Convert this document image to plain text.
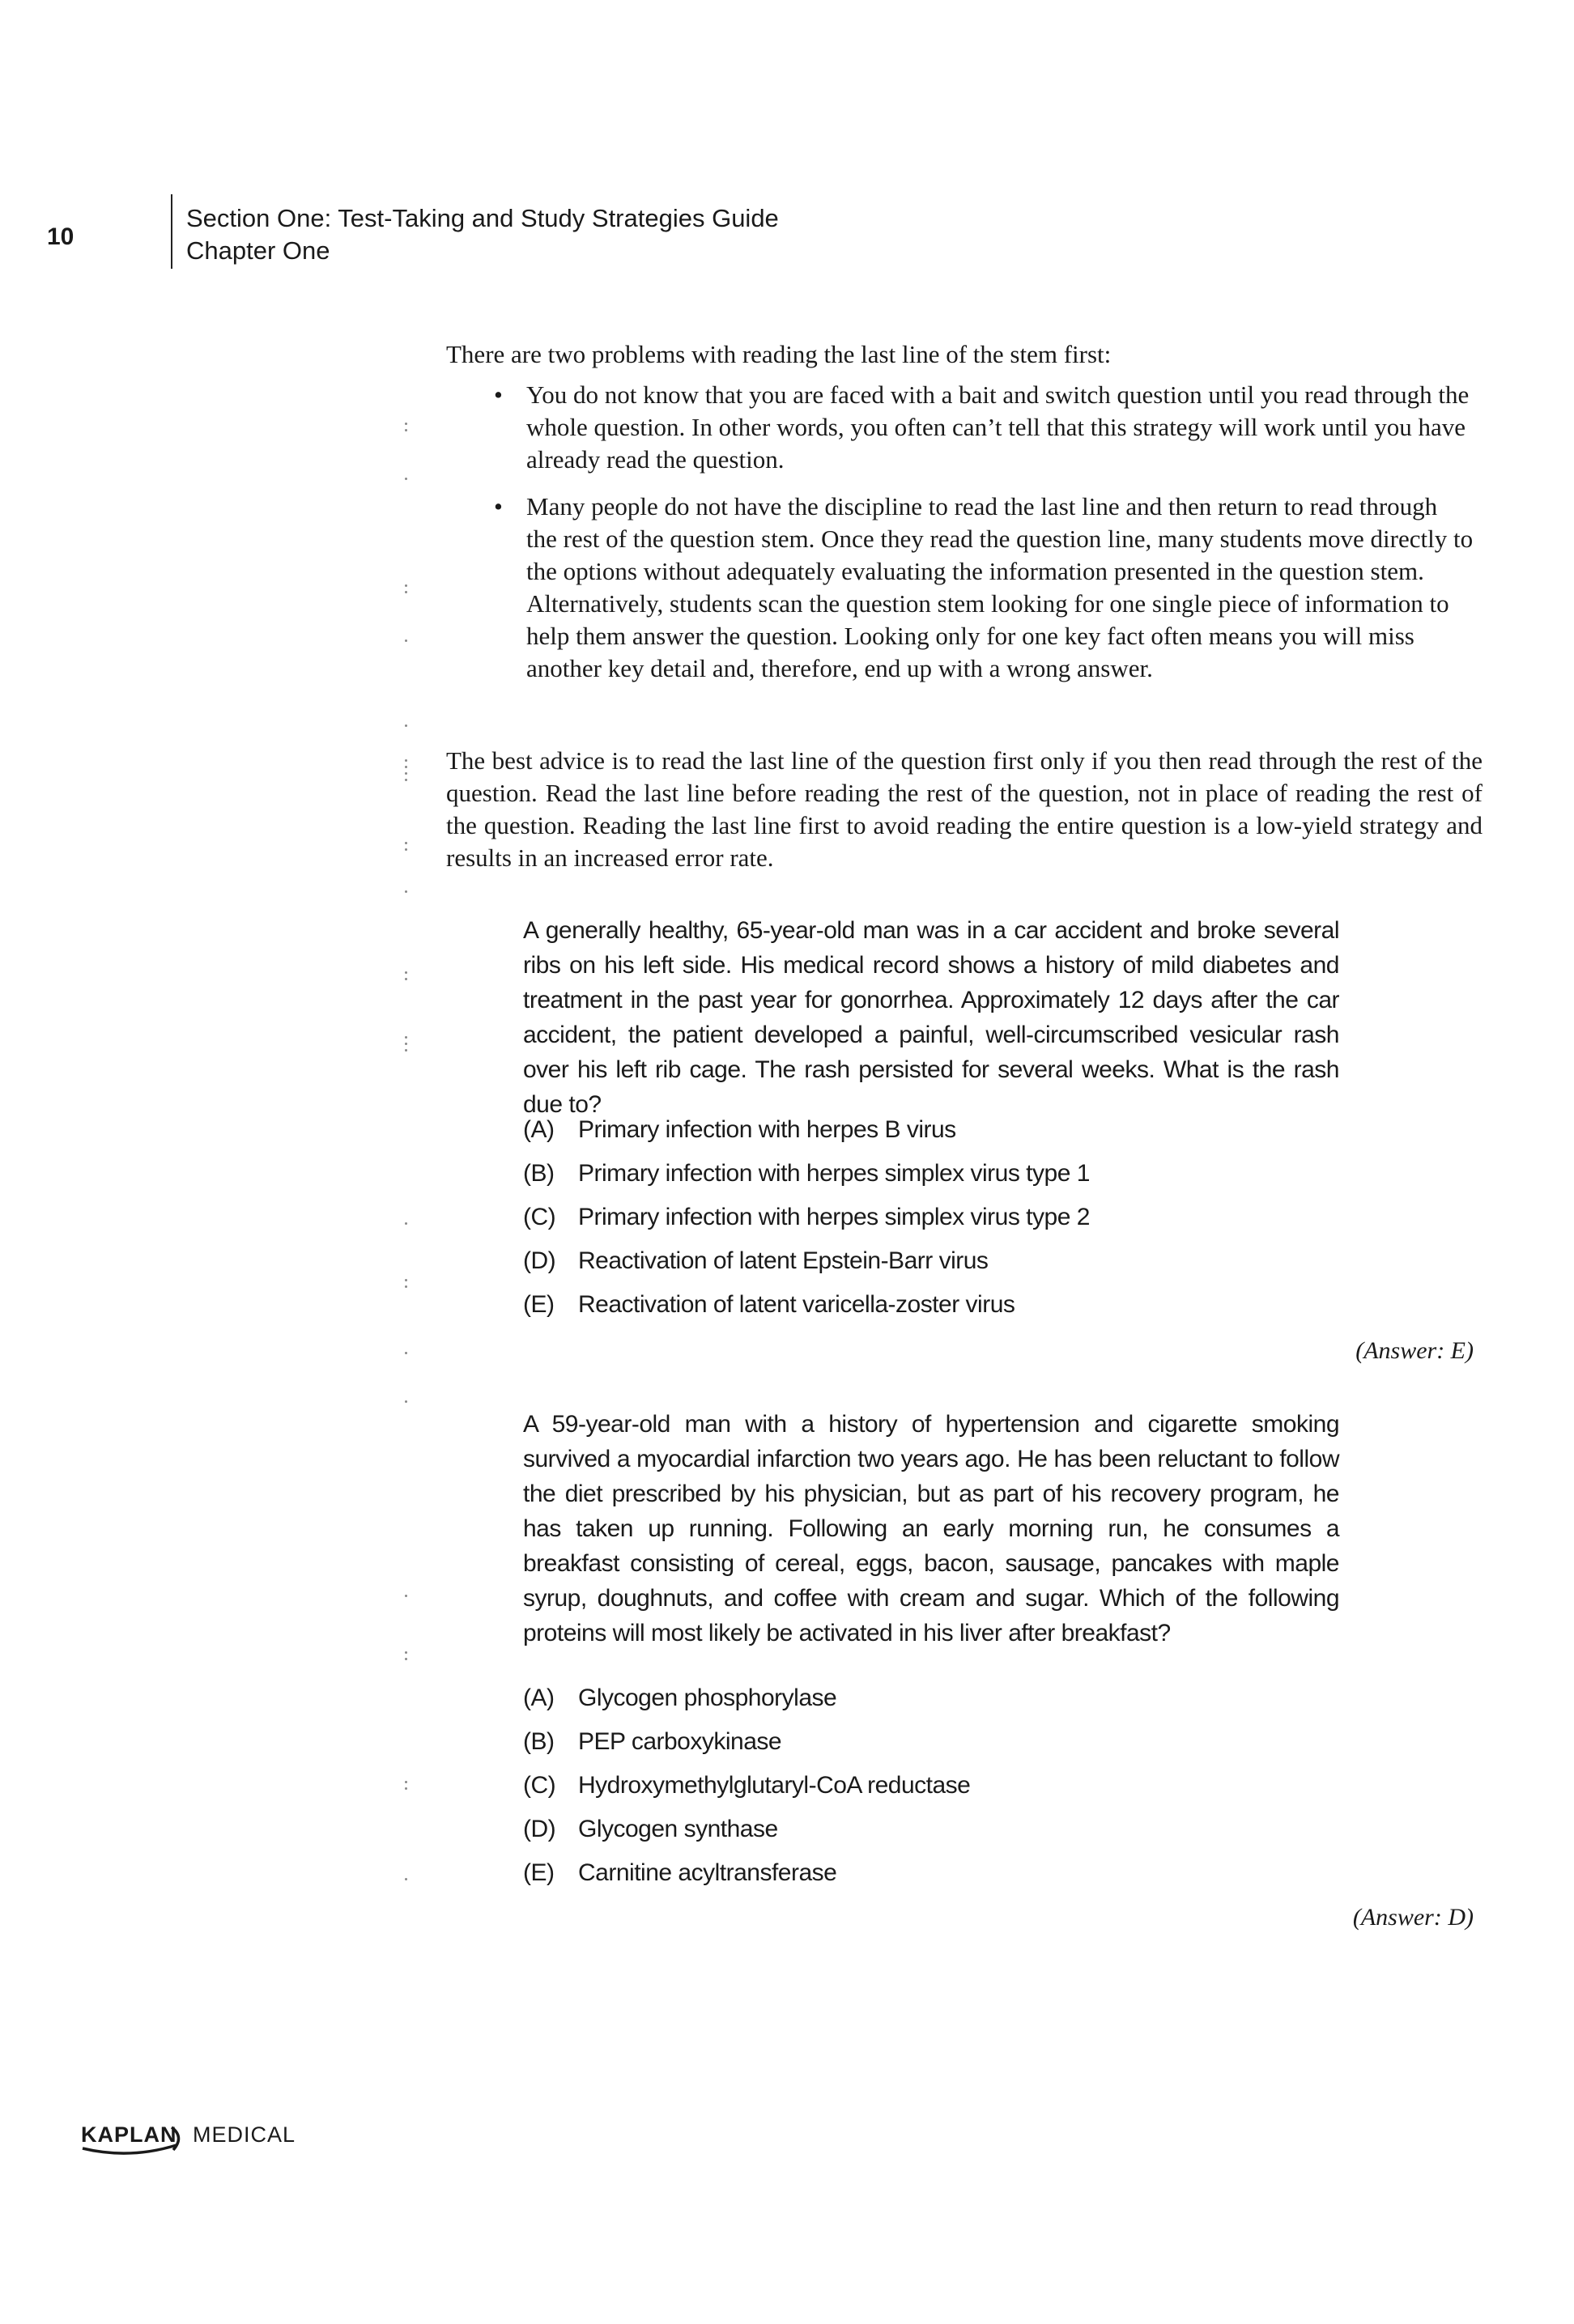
10
Section One: Test-Taking and Study Strategies Guide
Chapter One

There are two problems with reading the last line of the stem first:

• You do not know that you are faced with a bait and switch question until you read through the whole question. In other words, you often can’t tell that this strategy will work until you have already read the question.
• Many people do not have the discipline to read the last line and then return to read through the rest of the question stem. Once they read the question line, many students move directly to the options without adequately evaluating the information presented in the question stem. Alternatively, students scan the question stem looking for one single piece of information to help them answer the question. Looking only for one key fact often means you will miss another key detail and, therefore, end up with a wrong answer.

The best advice is to read the last line of the question first only if you then read through the rest of the question. Read the last line before reading the rest of the question, not in place of reading the rest of the question. Reading the last line first to avoid reading the entire question is a low-yield strategy and results in an increased error rate.

A generally healthy, 65-year-old man was in a car accident and broke several ribs on his left side. His medical record shows a history of mild diabetes and treatment in the past year for gonorrhea. Approximately 12 days after the car accident, the patient developed a painful, well-circumscribed vesicular rash over his left rib cage. The rash persisted for several weeks. What is the rash due to?

(A) Primary infection with herpes B virus
(B) Primary infection with herpes simplex virus type 1
(C) Primary infection with herpes simplex virus type 2
(D) Reactivation of latent Epstein-Barr virus
(E) Reactivation of latent varicella-zoster virus
(Answer: E)

A 59-year-old man with a history of hypertension and cigarette smoking survived a myocardial infarction two years ago. He has been reluctant to follow the diet prescribed by his physician, but as part of his recovery program, he has taken up running. Following an early morning run, he consumes a breakfast consisting of cereal, eggs, bacon, sausage, pancakes with maple syrup, doughnuts, and coffee with cream and sugar. Which of the following proteins will most likely be activated in his liver after breakfast?

(A) Glycogen phosphorylase
(B) PEP carboxykinase
(C) Hydroxymethylglutaryl-CoA reductase
(D) Glycogen synthase
(E) Carnitine acyltransferase
(Answer: D)
KAPLAN MEDICAL
